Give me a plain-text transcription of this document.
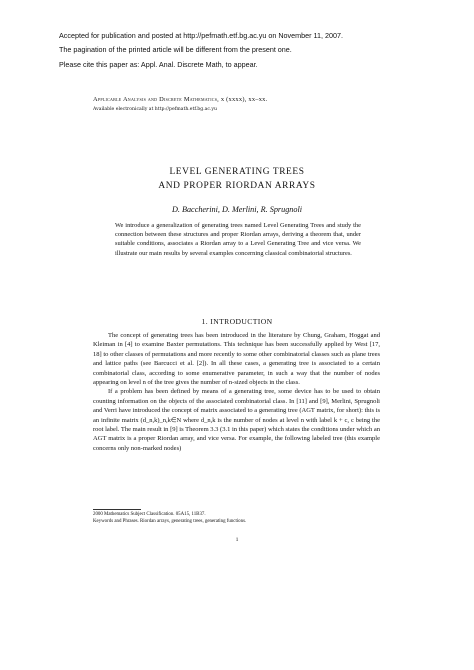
Accepted for publication and posted at http://pefmath.etf.bg.ac.yu on November 11, 2007.
The pagination of the printed article will be different from the present one.
Please cite this paper as: Appl. Anal. Discrete Math, to appear.
Applicable Analysis and Discrete Mathematics, x (xxxx), xx–xx.
Available electronically at http://pefmath.etf.bg.ac.yu
LEVEL GENERATING TREES
AND PROPER RIORDAN ARRAYS
D. Baccherini, D. Merlini, R. Sprugnoli
We introduce a generalization of generating trees named Level Generating Trees and study the connection between these structures and proper Riordan arrays, deriving a theorem that, under suitable conditions, associates a Riordan array to a Level Generating Tree and vice versa. We illustrate our main results by several examples concerning classical combinatorial structures.
1. INTRODUCTION

The concept of generating trees has been introduced in the literature by Chung, Graham, Hoggat and Kleiman in [4] to examine Baxter permutations. This technique has been successfully applied by West [17, 18] to other classes of permutations and more recently to some other combinatorial classes such as plane trees and lattice paths (see Barcucci et al. [2]). In all these cases, a generating tree is associated to a certain combinatorial class, according to some enumerative parameter, in such a way that the number of nodes appearing on level n of the tree gives the number of n-sized objects in the class.

If a problem has been defined by means of a generating tree, some device has to be used to obtain counting information on the objects of the associated combinatorial class. In [11] and [9], Merlini, Sprugnoli and Verri have introduced the concept of matrix associated to a generating tree (AGT matrix, for short): this is an infinite matrix (d_n,k)_n,k∈N where d_n,k is the number of nodes at level n with label k + c, c being the root label. The main result in [9] is Theorem 3.3 (3.1 in this paper) which states the conditions under which an AGT matrix is a proper Riordan array, and vice versa. For example, the following labeled tree (this example concerns only non-marked nodes)

2000 Mathematics Subject Classification. 05A15, 11B37.
Keywords and Phrases. Riordan arrays, generating trees, generating functions.
1
